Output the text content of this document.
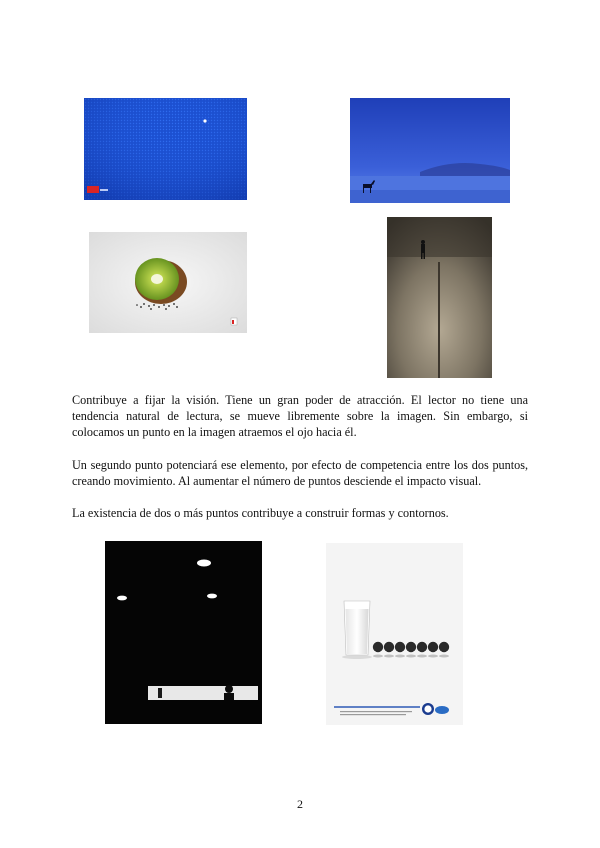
Contribuye a fijar la visión. Tiene un gran poder de atracción. El lector no tiene una tendencia natural de lectura, se mueve libremente sobre la imagen. Sin embargo, si colocamos un punto en la imagen atraemos el ojo hacia él.
Un segundo punto potenciará ese elemento, por efecto de competencia entre los dos puntos, creando movimiento. Al aumentar el número de puntos desciende el impacto visual.
La existencia de dos o más puntos contribuye a construir formas y contornos.
2
